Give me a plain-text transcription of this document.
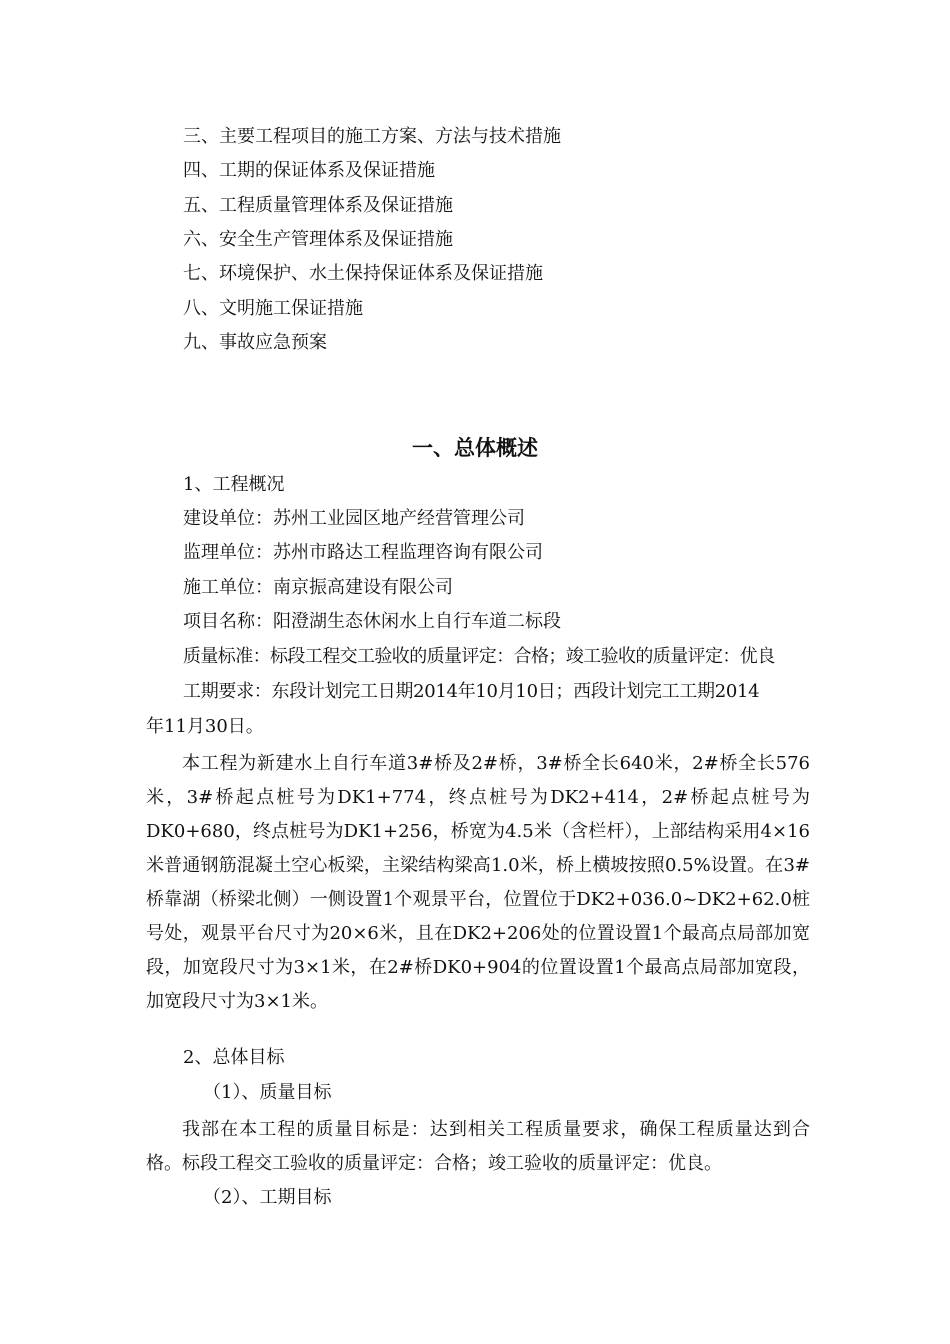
三、主要工程项目的施工方案、方法与技术措施
四、工期的保证体系及保证措施
五、工程质量管理体系及保证措施
六、安全生产管理体系及保证措施
七、环境保护、水土保持保证体系及保证措施
八、文明施工保证措施
九、事故应急预案
一、总体概述
1、工程概况
建设单位：苏州工业园区地产经营管理公司
监理单位：苏州市路达工程监理咨询有限公司
施工单位：南京振高建设有限公司
项目名称：阳澄湖生态休闲水上自行车道二标段
质量标准：标段工程交工验收的质量评定：合格；竣工验收的质量评定：优良
工期要求：东段计划完工日期2014年10月10日；西段计划完工工期2014
年11月30日。

本工程为新建水上自行车道3#桥及2#桥，3#桥全长640米，2#桥全长576米，3#桥起点桩号为DK1+774，终点桩号为DK2+414，2#桥起点桩号为DK0+680，终点桩号为DK1+256，桥宽为4.5米（含栏杆），上部结构采用4×16米普通钢筋混凝土空心板梁，主梁结构梁高1.0米，桥上横坡按照0.5%设置。在3#桥靠湖（桥梁北侧）一侧设置1个观景平台，位置位于DK2+036.0~DK2+62.0桩号处，观景平台尺寸为20×6米，且在DK2+206处的位置设置1个最高点局部加宽段，加宽段尺寸为3×1米，在2#桥DK0+904的位置设置1个最高点局部加宽段，加宽段尺寸为3×1米。

2、总体目标
（1）、质量目标

我部在本工程的质量目标是：达到相关工程质量要求，确保工程质量达到合格。标段工程交工验收的质量评定：合格；竣工验收的质量评定：优良。

（2）、工期目标
